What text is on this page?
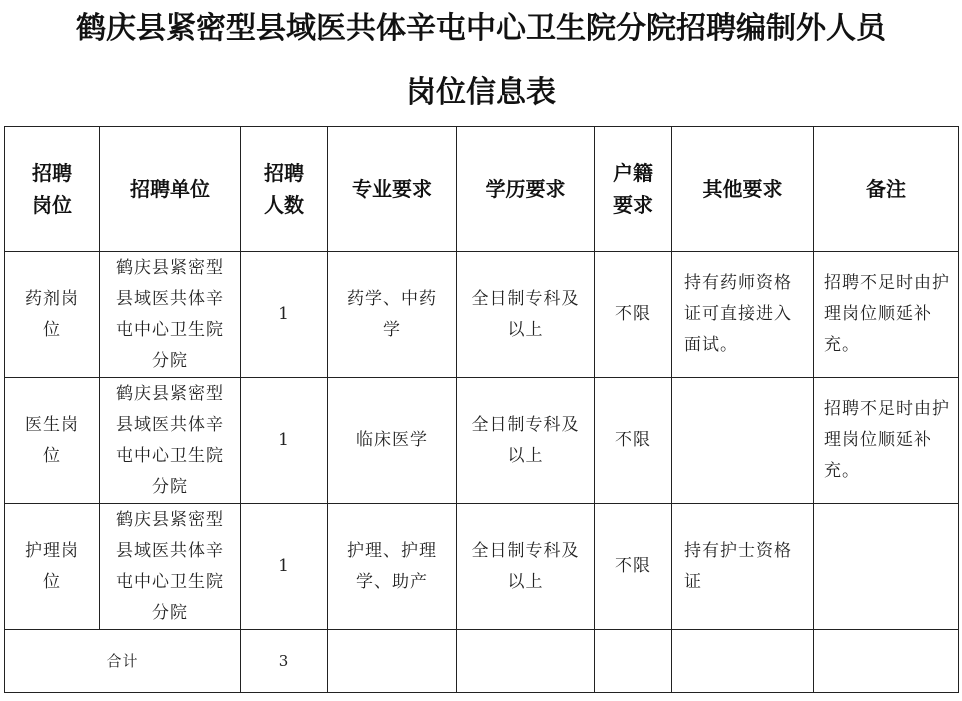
鹤庆县紧密型县域医共体辛屯中心卫生院分院招聘编制外人员
岗位信息表
招聘岗位	招聘单位	招聘人数	专业要求	学历要求	户籍要求	其他要求	备注
药剂岗位	鹤庆县紧密型县域医共体辛屯中心卫生院分院	1	药学、中药学	全日制专科及以上	不限	持有药师资格证可直接进入面试。	招聘不足时由护理岗位顺延补充。
医生岗位	鹤庆县紧密型县域医共体辛屯中心卫生院分院	1	临床医学	全日制专科及以上	不限		招聘不足时由护理岗位顺延补充。
护理岗位	鹤庆县紧密型县域医共体辛屯中心卫生院分院	1	护理、护理学、助产	全日制专科及以上	不限	持有护士资格证	
合计		3					
